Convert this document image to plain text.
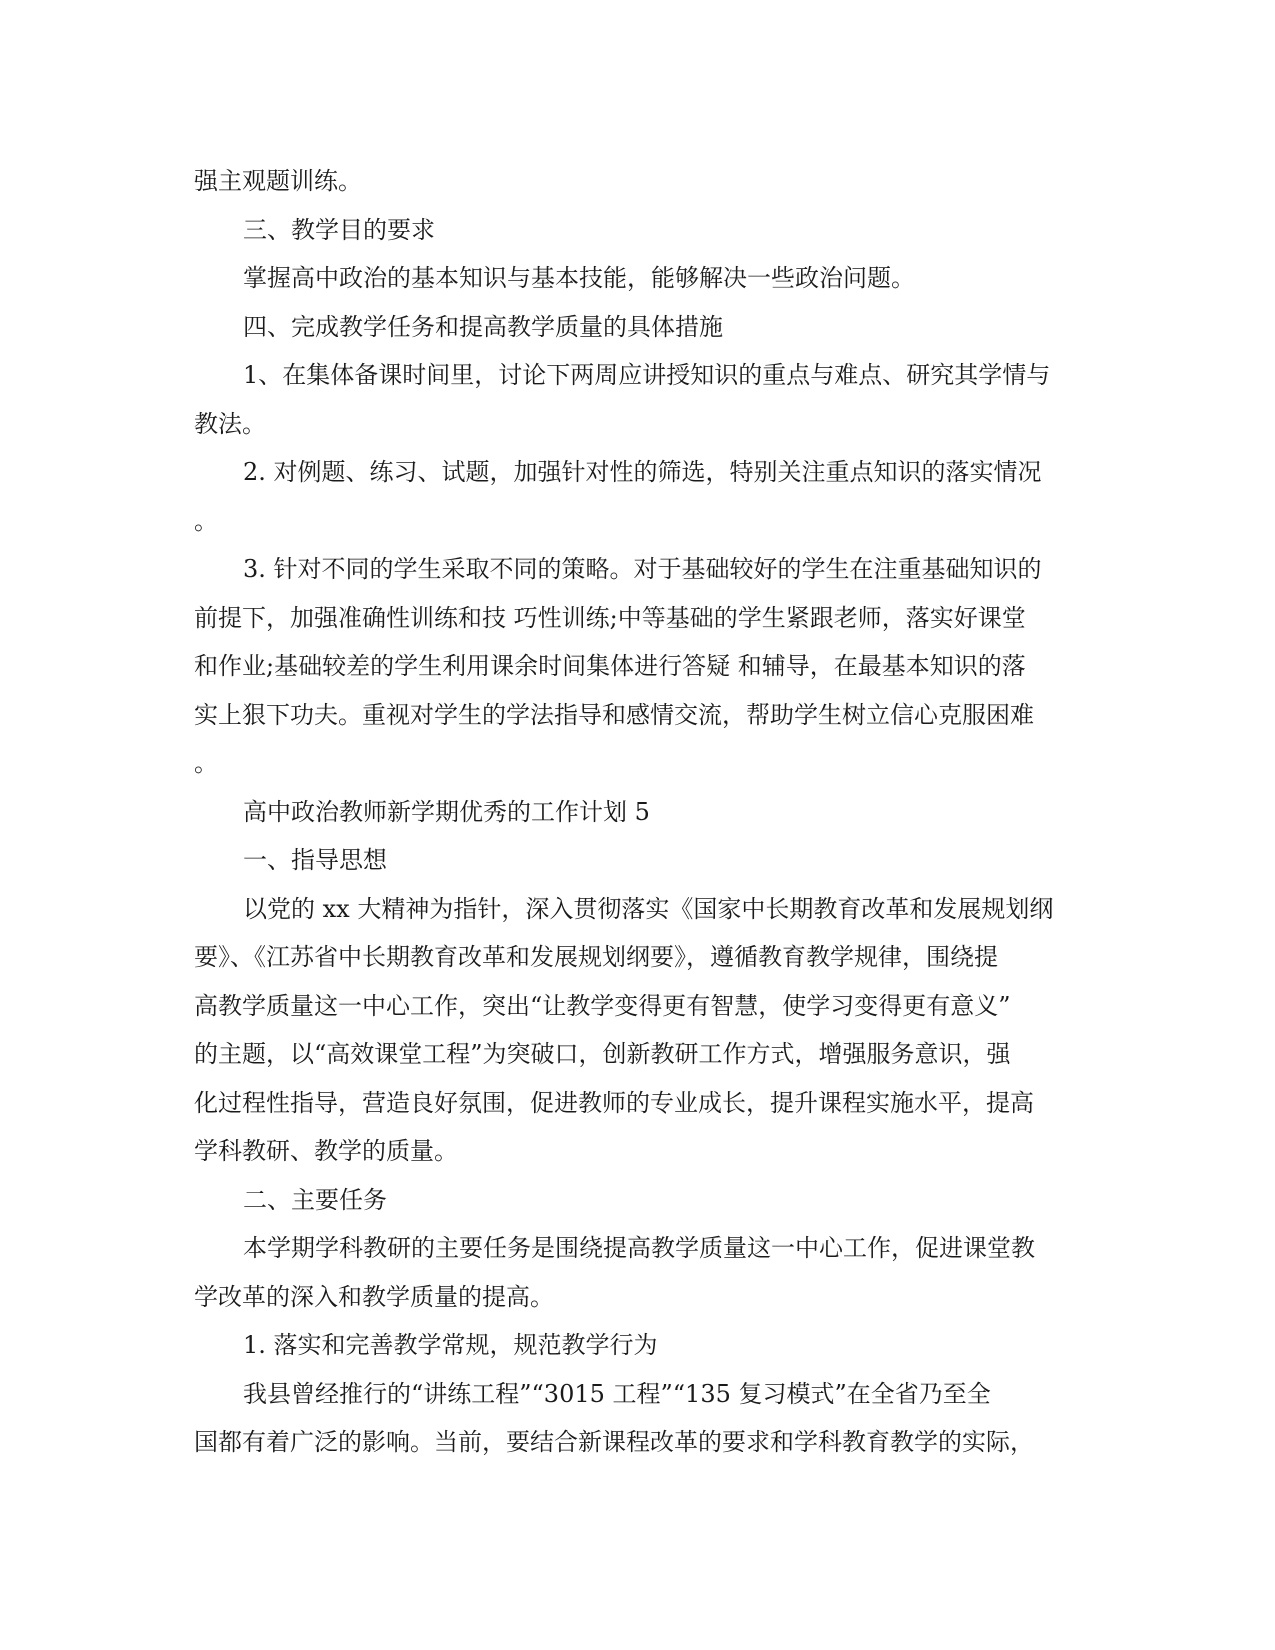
强主观题训练。

三、教学目的要求

掌握高中政治的基本知识与基本技能，能够解决一些政治问题。

四、完成教学任务和提高教学质量的具体措施

1、在集体备课时间里，讨论下两周应讲授知识的重点与难点、研究其学情与

教法。

2. 对例题、练习、试题，加强针对性的筛选，特别关注重点知识的落实情况

。

3. 针对不同的学生采取不同的策略。对于基础较好的学生在注重基础知识的

前提下，加强准确性训练和技 巧性训练;中等基础的学生紧跟老师，落实好课堂

和作业;基础较差的学生利用课余时间集体进行答疑 和辅导，在最基本知识的落

实上狠下功夫。重视对学生的学法指导和感情交流，帮助学生树立信心克服困难

。

高中政治教师新学期优秀的工作计划 5

一、指导思想

以党的 xx 大精神为指针，深入贯彻落实《国家中长期教育改革和发展规划纲

要》、《江苏省中长期教育改革和发展规划纲要》，遵循教育教学规律，围绕提

高教学质量这一中心工作，突出“让教学变得更有智慧，使学习变得更有意义”

的主题，以“高效课堂工程”为突破口，创新教研工作方式，增强服务意识，强

化过程性指导，营造良好氛围，促进教师的专业成长，提升课程实施水平，提高

学科教研、教学的质量。

二、主要任务

本学期学科教研的主要任务是围绕提高教学质量这一中心工作，促进课堂教

学改革的深入和教学质量的提高。

1. 落实和完善教学常规，规范教学行为

我县曾经推行的“讲练工程”“3015 工程”“135 复习模式”在全省乃至全

国都有着广泛的影响。当前，要结合新课程改革的要求和学科教育教学的实际，
